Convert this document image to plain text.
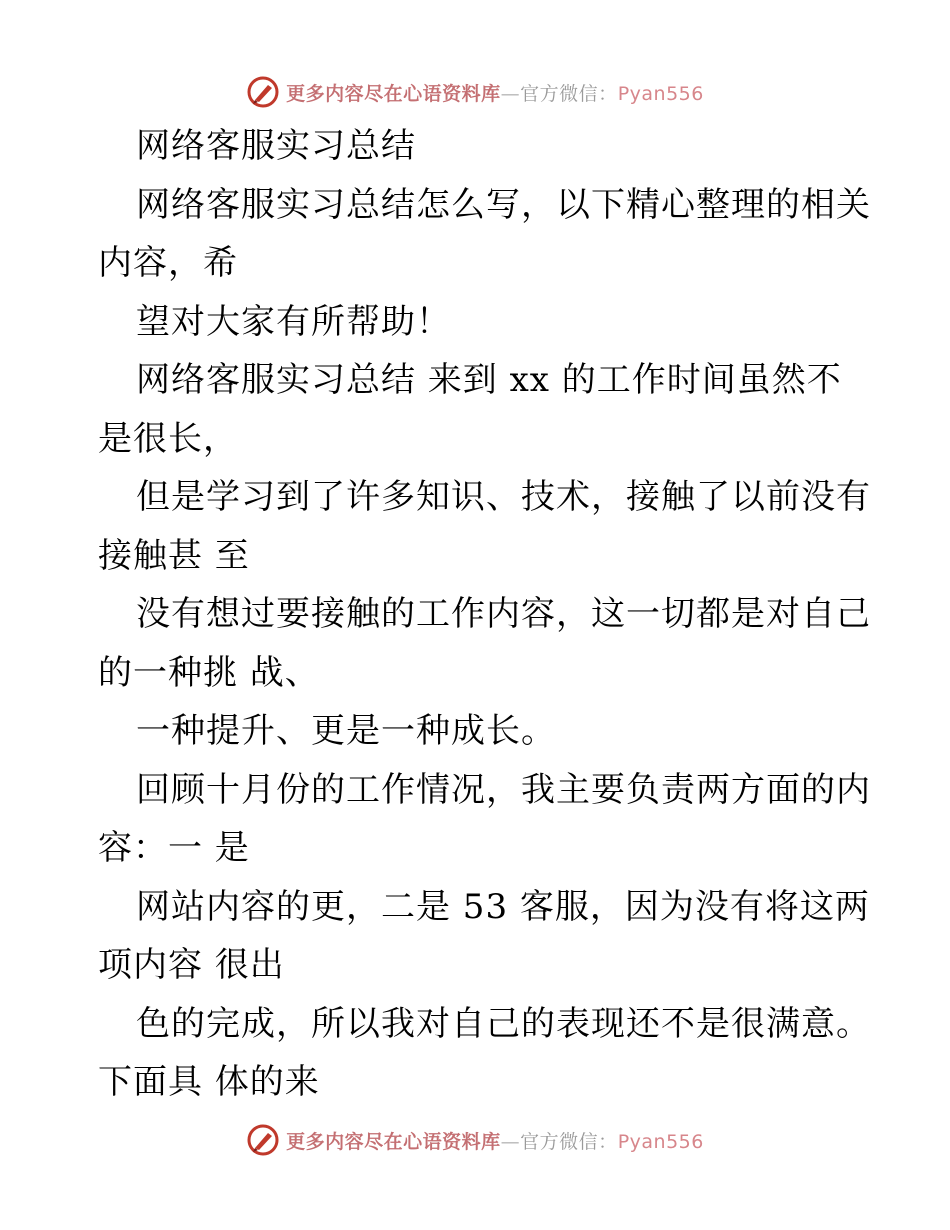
更多内容尽在心语资料库—官方微信：Pyan556
网络客服实习总结
网络客服实习总结怎么写，以下精心整理的相关
内容，希
望对大家有所帮助！
网络客服实习总结 来到 xx 的工作时间虽然不
是很长，
但是学习到了许多知识、技术，接触了以前没有
接触甚 至
没有想过要接触的工作内容，这一切都是对自己
的一种挑 战、
一种提升、更是一种成长。
回顾十月份的工作情况，我主要负责两方面的内
容：一 是
网站内容的更，二是 53 客服，因为没有将这两
项内容 很出
色的完成，所以我对自己的表现还不是很满意。
下面具 体的来
更多内容尽在心语资料库—官方微信：Pyan556
